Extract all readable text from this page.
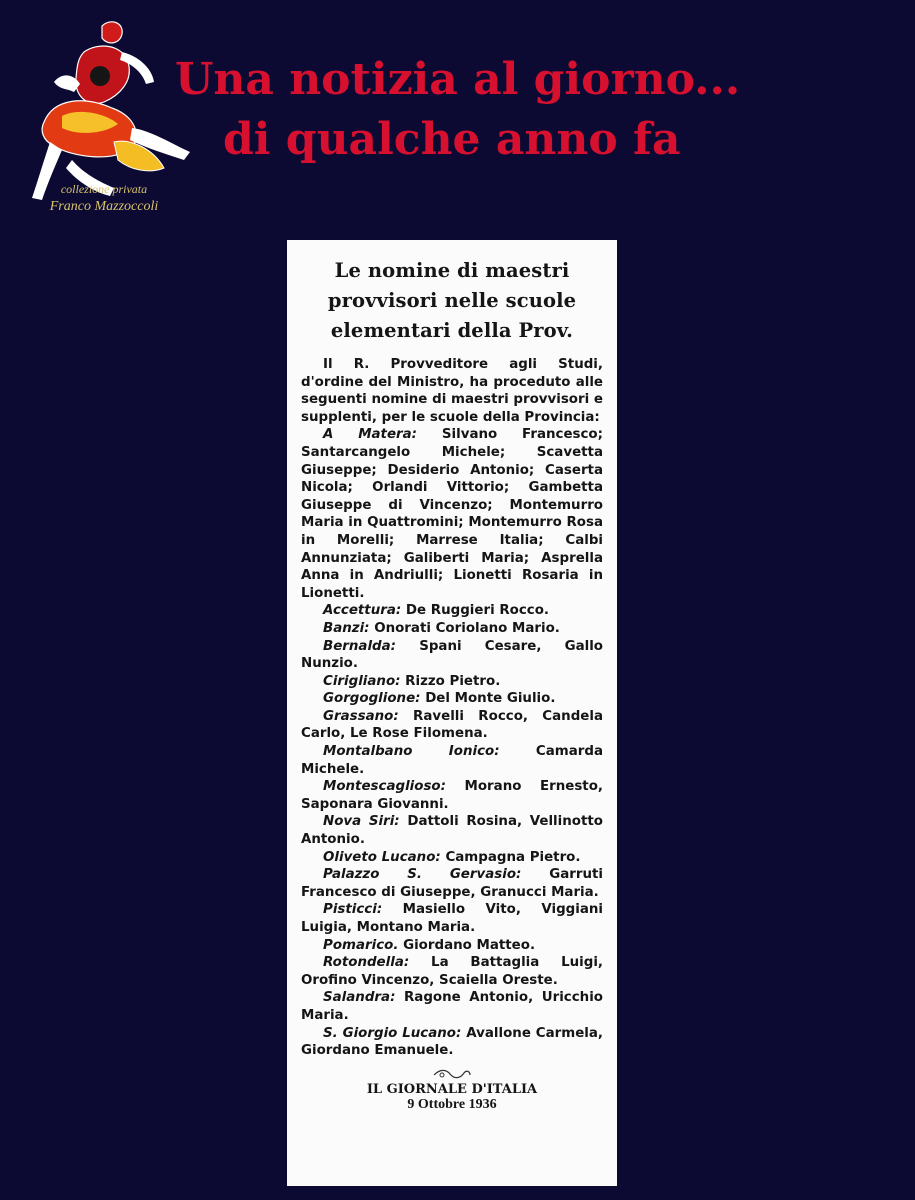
collezione privata
Franco Mazzoccoli
Una notizia al giorno...
di qualche anno fa
Le nomine di maestri
provvisori nelle scuole
elementari della Prov.

Il R. Provveditore agli Studi, d'ordine del Ministro, ha proceduto alle seguenti nomine di maestri provvisori e supplenti, per le scuole della Provincia:

A Matera: Silvano Francesco; Santarcangelo Michele; Scavetta Giuseppe; Desiderio Antonio; Caserta Nicola; Orlandi Vittorio; Gambetta Giuseppe di Vincenzo; Montemurro Maria in Quattromini; Montemurro Rosa in Morelli; Marrese Italia; Calbi Annunziata; Galiberti Maria; Asprella Anna in Andriulli; Lionetti Rosaria in Lionetti.

Accettura: De Ruggieri Rocco.

Banzi: Onorati Coriolano Mario.

Bernalda: Spani Cesare, Gallo Nunzio.

Cirigliano: Rizzo Pietro.

Gorgoglione: Del Monte Giulio.

Grassano: Ravelli Rocco, Candela Carlo, Le Rose Filomena.

Montalbano Ionico:	Camarda Michele.

Montescaglioso: Morano Ernesto, Saponara Giovanni.

Nova Siri: Dattoli Rosina, Vellinotto Antonio.

Oliveto Lucano: Campagna Pietro.

Palazzo S. Gervasio: Garruti Francesco di Giuseppe, Granucci Maria.

Pisticci: Masiello Vito, Viggiani Luigia, Montano Maria.

Pomarico. Giordano Matteo.

Rotondella: La Battaglia Luigi, Orofino Vincenzo, Scaiella Oreste.

Salandra: Ragone Antonio, Uricchio Maria.

S. Giorgio Lucano: Avallone Carmela, Giordano Emanuele.

IL GIORNALE D'ITALIA
9 Ottobre 1936
